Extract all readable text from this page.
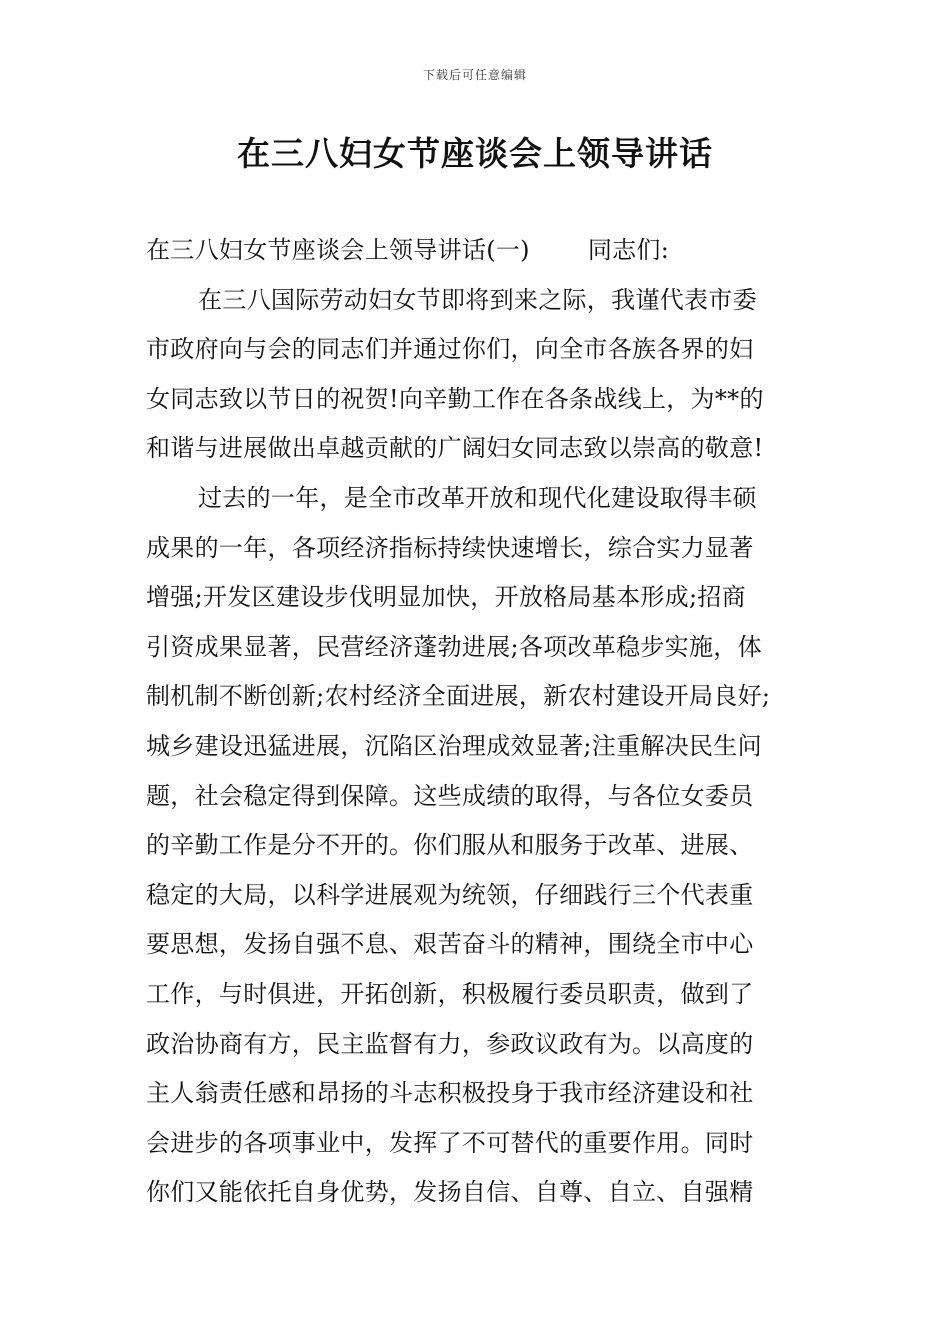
下载后可任意编辑
在三八妇女节座谈会上领导讲话
在三八妇女节座谈会上领导讲话(一) 同志们:
在三八国际劳动妇女节即将到来之际，我谨代表市委
市政府向与会的同志们并通过你们，向全市各族各界的妇
女同志致以节日的祝贺!向辛勤工作在各条战线上，为**的
和谐与进展做出卓越贡献的广阔妇女同志致以崇高的敬意!
过去的一年，是全市改革开放和现代化建设取得丰硕
成果的一年，各项经济指标持续快速增长，综合实力显著
增强;开发区建设步伐明显加快，开放格局基本形成;招商
引资成果显著，民营经济蓬勃进展;各项改革稳步实施，体
制机制不断创新;农村经济全面进展，新农村建设开局良好;
城乡建设迅猛进展，沉陷区治理成效显著;注重解决民生问
题，社会稳定得到保障。这些成绩的取得，与各位女委员
的辛勤工作是分不开的。你们服从和服务于改革、进展、
稳定的大局，以科学进展观为统领，仔细践行三个代表重
要思想，发扬自强不息、艰苦奋斗的精神，围绕全市中心
工作，与时俱进，开拓创新，积极履行委员职责，做到了
政治协商有方，民主监督有力，参政议政有为。以高度的
主人翁责任感和昂扬的斗志积极投身于我市经济建设和社
会进步的各项事业中，发挥了不可替代的重要作用。同时
你们又能依托自身优势，发扬自信、自尊、自立、自强精
